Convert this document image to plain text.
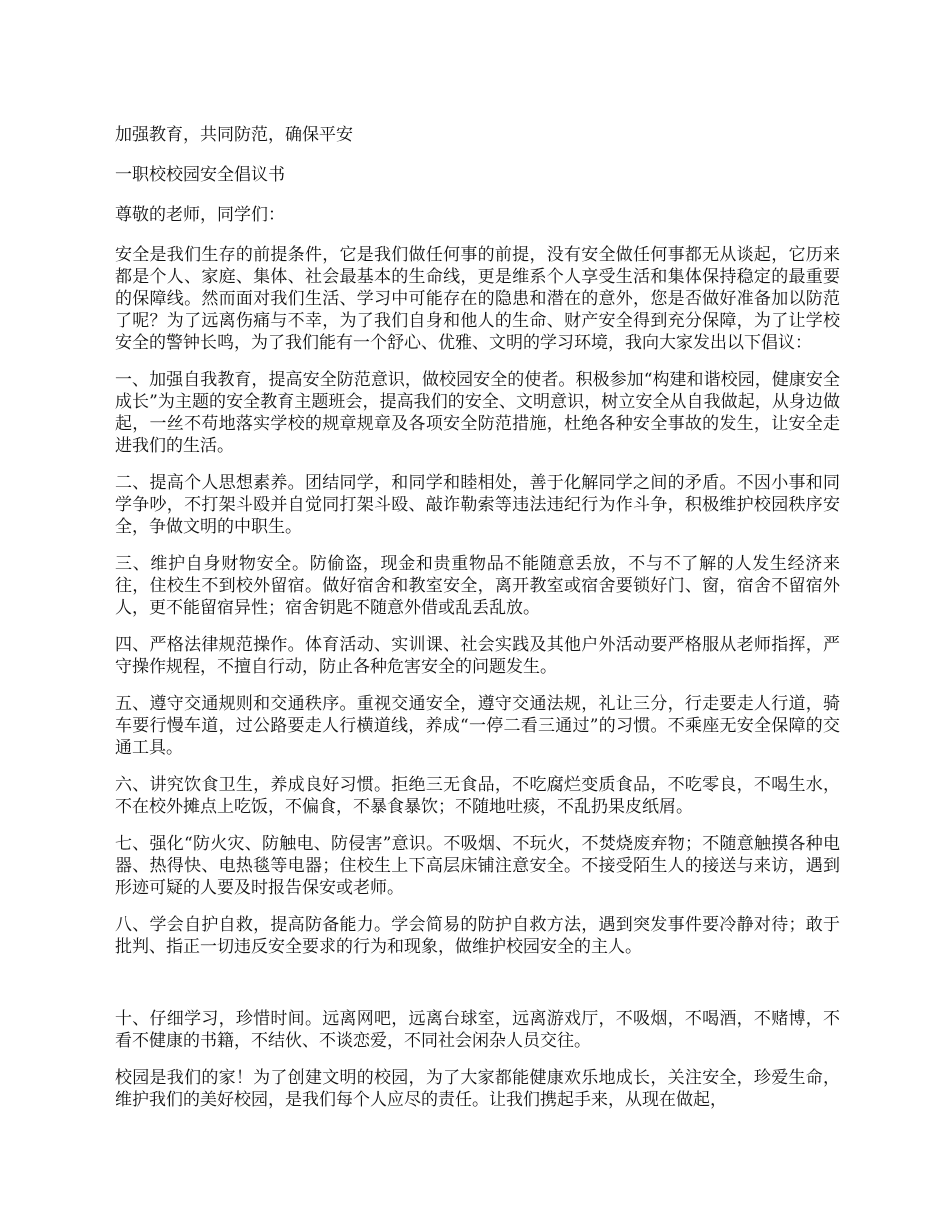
加强教育，共同防范，确保平安

一职校校园安全倡议书

尊敬的老师，同学们：

安全是我们生存的前提条件，它是我们做任何事的前提，没有安全做任何事都无从谈起，它历来都是个人、家庭、集体、社会最基本的生命线，更是维系个人享受生活和集体保持稳定的最重要的保障线。然而面对我们生活、学习中可能存在的隐患和潜在的意外，您是否做好准备加以防范了呢？为了远离伤痛与不幸，为了我们自身和他人的生命、财产安全得到充分保障，为了让学校安全的警钟长鸣，为了我们能有一个舒心、优雅、文明的学习环境，我向大家发出以下倡议：

一、加强自我教育，提高安全防范意识，做校园安全的使者。积极参加“构建和谐校园，健康安全成长”为主题的安全教育主题班会，提高我们的安全、文明意识，树立安全从自我做起，从身边做起，一丝不苟地落实学校的规章规章及各项安全防范措施，杜绝各种安全事故的发生，让安全走进我们的生活。

二、提高个人思想素养。团结同学，和同学和睦相处，善于化解同学之间的矛盾。不因小事和同学争吵，不打架斗殴并自觉同打架斗殴、敲诈勒索等违法违纪行为作斗争，积极维护校园秩序安全，争做文明的中职生。

三、维护自身财物安全。防偷盗，现金和贵重物品不能随意丢放，不与不了解的人发生经济来往，住校生不到校外留宿。做好宿舍和教室安全，离开教室或宿舍要锁好门、窗，宿舍不留宿外人，更不能留宿异性；宿舍钥匙不随意外借或乱丢乱放。

四、严格法律规范操作。体育活动、实训课、社会实践及其他户外活动要严格服从老师指挥，严守操作规程，不擅自行动，防止各种危害安全的问题发生。

五、遵守交通规则和交通秩序。重视交通安全，遵守交通法规，礼让三分，行走要走人行道，骑车要行慢车道，过公路要走人行横道线，养成“一停二看三通过”的习惯。不乘座无安全保障的交通工具。

六、讲究饮食卫生，养成良好习惯。拒绝三无食品，不吃腐烂变质食品，不吃零良，不喝生水，不在校外摊点上吃饭，不偏食，不暴食暴饮；不随地吐痰，不乱扔果皮纸屑。

七、强化“防火灾、防触电、防侵害”意识。不吸烟、不玩火，不焚烧废弃物；不随意触摸各种电器、热得快、电热毯等电器；住校生上下高层床铺注意安全。不接受陌生人的接送与来访，遇到形迹可疑的人要及时报告保安或老师。

八、学会自护自救，提高防备能力。学会简易的防护自救方法，遇到突发事件要冷静对待；敢于批判、指正一切违反安全要求的行为和现象，做维护校园安全的主人。

十、仔细学习，珍惜时间。远离网吧，远离台球室，远离游戏厅，不吸烟，不喝酒，不赌博，不看不健康的书籍，不结伙、不谈恋爱，不同社会闲杂人员交往。

校园是我们的家！为了创建文明的校园，为了大家都能健康欢乐地成长，关注安全，珍爱生命，维护我们的美好校园，是我们每个人应尽的责任。让我们携起手来，从现在做起，
